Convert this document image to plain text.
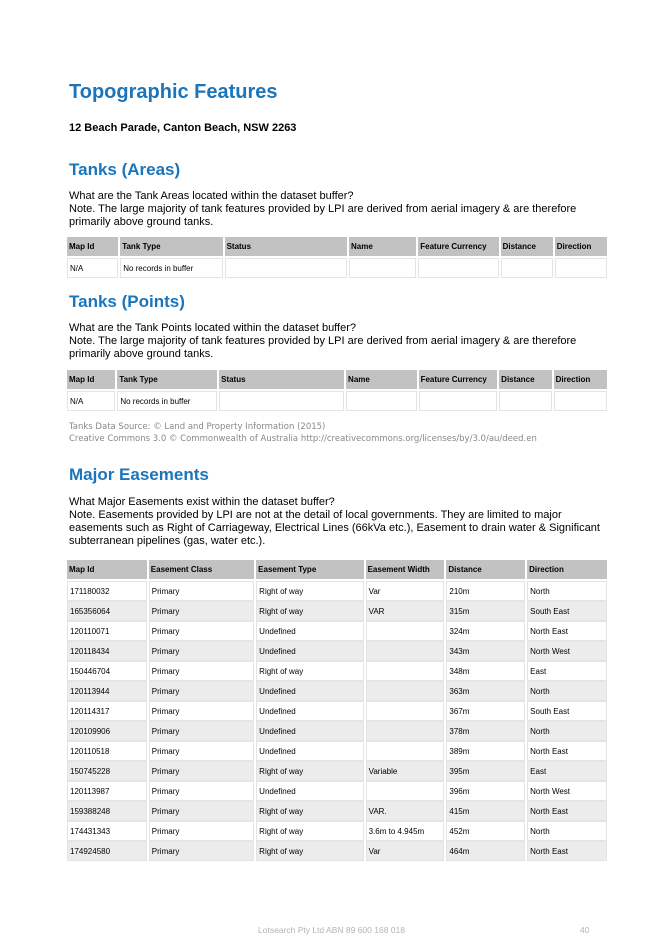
Topographic Features
12 Beach Parade, Canton Beach, NSW 2263
Tanks (Areas)
What are the Tank Areas located within the dataset buffer?
Note. The large majority of tank features provided by LPI are derived from aerial imagery & are therefore primarily above ground tanks.
Map Id	Tank Type	Status	Name	Feature Currency	Distance	Direction
N/A	No records in buffer					
Tanks (Points)
What are the Tank Points located within the dataset buffer?
Note. The large majority of tank features provided by LPI are derived from aerial imagery & are therefore primarily above ground tanks.
Map Id	Tank Type	Status	Name	Feature Currency	Distance	Direction
N/A	No records in buffer					
Tanks Data Source: © Land and Property Information (2015)
Creative Commons 3.0 © Commonwealth of Australia http://creativecommons.org/licenses/by/3.0/au/deed.en
Major Easements
What Major Easements exist within the dataset buffer?
Note. Easements provided by LPI are not at the detail of local governments. They are limited to major easements such as Right of Carriageway, Electrical Lines (66kVa etc.), Easement to drain water & Significant subterranean pipelines (gas, water etc.).
Map Id	Easement Class	Easement Type	Easement Width	Distance	Direction
171180032	Primary	Right of way	Var	210m	North
165356064	Primary	Right of way	VAR	315m	South East
120110071	Primary	Undefined		324m	North East
120118434	Primary	Undefined		343m	North West
150446704	Primary	Right of way		348m	East
120113944	Primary	Undefined		363m	North
120114317	Primary	Undefined		367m	South East
120109906	Primary	Undefined		378m	North
120110518	Primary	Undefined		389m	North East
150745228	Primary	Right of way	Variable	395m	East
120113987	Primary	Undefined		396m	North West
159388248	Primary	Right of way	VAR.	415m	North East
174431343	Primary	Right of way	3.6m to 4.945m	452m	North
174924580	Primary	Right of way	Var	464m	North East
Lotsearch Pty Ltd ABN 89 600 168 018	40
